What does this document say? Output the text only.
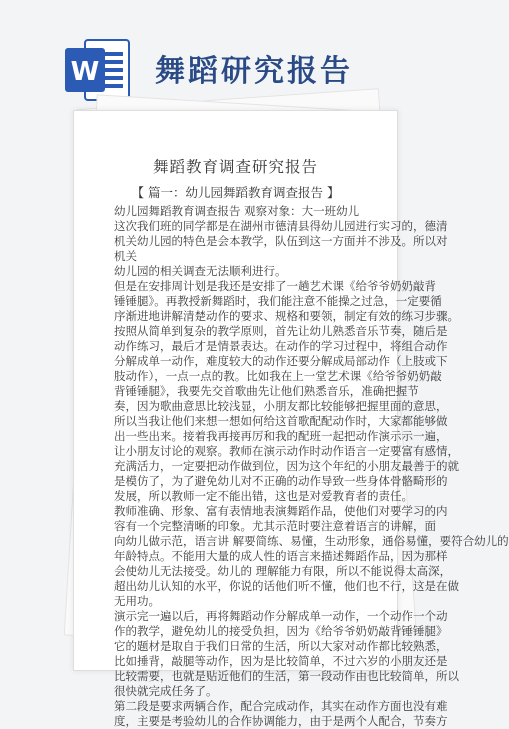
W 舞蹈研究报告
舞蹈教育调查研究报告
【 篇一：幼儿园舞蹈教育调查报告 】
幼儿园舞蹈教育调查报告 观察对象：大一班幼儿
这次我们班的同学都是在湖州市德清县得幼儿园进行实习的，德清
机关幼儿园的特色是会本教学，队伍到这一方面并不涉及。所以对
机关
幼儿园的相关调查无法顺利进行。
但是在安排周计划是我还是安排了一趟艺术课《给爷爷奶奶敲背
锤锤腿》。再教授新舞蹈时，我们能注意不能操之过急，一定要循
序渐进地讲解清楚动作的要求、规格和要领，制定有效的练习步骤。
按照从简单到复杂的教学原则，首先让幼儿熟悉音乐节奏，随后是
动作练习，最后才是情景表达。在动作的学习过程中，将组合动作
分解成单一动作，难度较大的动作还要分解成局部动作（上肢或下
肢动作），一点一点的教。比如我在上一堂艺术课《给爷爷奶奶敲
背锤锤腿》，我要先交首歌曲先让他们熟悉音乐，准确把握节
奏，因为歌曲意思比较浅显，小朋友都比较能够把握里面的意思，
所以当我让他们来想一想如何给这首歌配配动作时，大家都能够做
出一些出来。接着我再接再厉和我的配班一起把动作演示示一遍，
让小朋友讨论的观察。教师在演示动作时动作语言一定要富有感情，
充满活力，一定要把动作做到位，因为这个年纪的小朋友最善于的就
是模仿了，为了避免幼儿对不正确的动作导致一些身体骨骼畸形的
发展，所以教师一定不能出错，这也是对爱教育者的责任。
教师准确、形象、富有表情地表演舞蹈作品，使他们对要学习的内
容有一个完整清晰的印象。尤其示范时要注意着语言的讲解，面
向幼儿做示范，语言讲 解要简练、易懂，生动形象，通俗易懂，要符合幼儿的
年龄特点。不能用大量的成人性的语言来描述舞蹈作品，因为那样
会使幼儿无法接受。幼儿的 理解能力有限，所以不能说得太高深，
超出幼儿认知的水平，你说的话他们听不懂，他们也不行，这是在做
无用功。
演示完一遍以后，再将舞蹈动作分解成单一动作，一个动作一个动
作的教学，避免幼儿的接受负担，因为《给爷爷奶奶敲背锤锤腿》
它的题材是取自于我们日常的生活，所以大家对动作都比较熟悉，
比如捶背，敲腿等动作，因为是比较简单，不过六岁的小朋友还是
比较需要，也就是贴近他们的生活，第一段动作由也比较简单，所以
很快就完成任务了。
第二段是要求两辆合作，配合完成动作，其实在动作方面也没有难
度，主要是考验幼儿的合作协调能力，由于是两个人配合，节奏方
